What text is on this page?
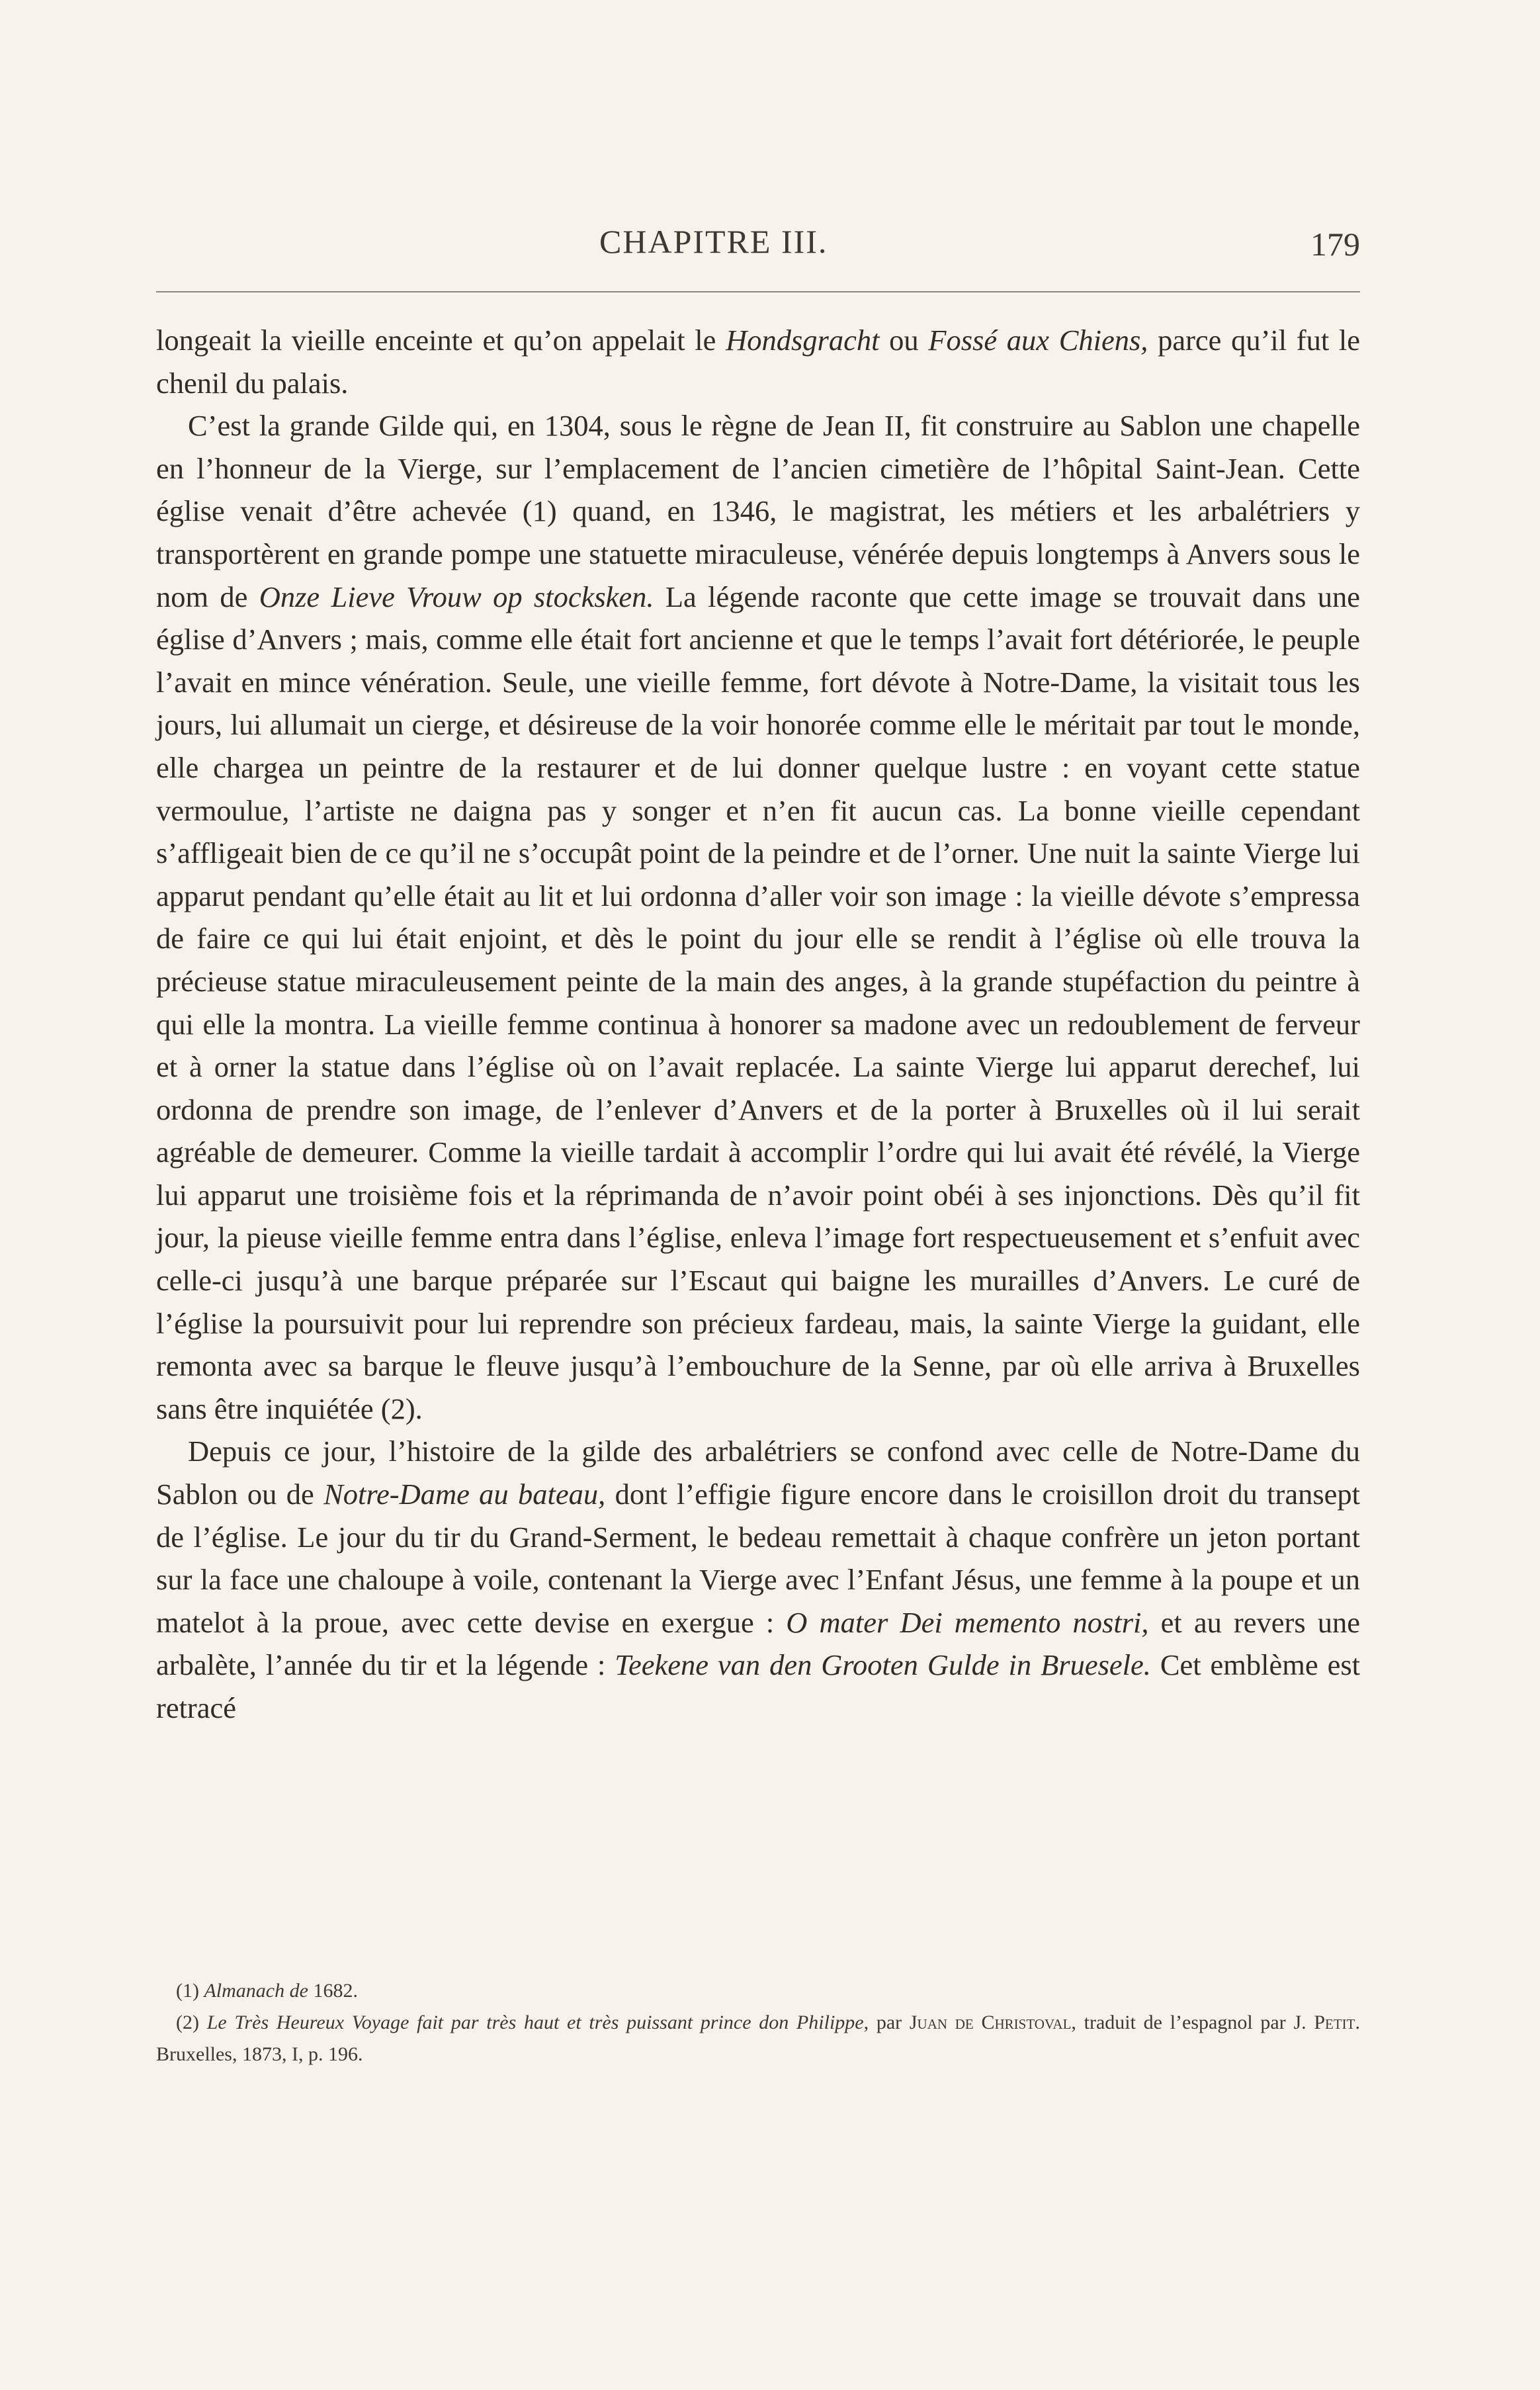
CHAPITRE III.	179

longeait la vieille enceinte et qu’on appelait le Hondsgracht ou Fossé aux Chiens, parce qu’il fut le chenil du palais.

C’est la grande Gilde qui, en 1304, sous le règne de Jean II, fit construire au Sablon une chapelle en l’honneur de la Vierge, sur l’emplacement de l’ancien cimetière de l’hôpital Saint-Jean. Cette église venait d’être achevée (1) quand, en 1346, le magistrat, les métiers et les arbalétriers y transportèrent en grande pompe une statuette miraculeuse, vénérée depuis longtemps à Anvers sous le nom de Onze Lieve Vrouw op stocksken. La légende raconte que cette image se trouvait dans une église d’Anvers ; mais, comme elle était fort ancienne et que le temps l’avait fort détériorée, le peuple l’avait en mince vénération. Seule, une vieille femme, fort dévote à Notre-Dame, la visitait tous les jours, lui allumait un cierge, et désireuse de la voir honorée comme elle le méritait par tout le monde, elle chargea un peintre de la restaurer et de lui donner quelque lustre : en voyant cette statue vermoulue, l’artiste ne daigna pas y songer et n’en fit aucun cas. La bonne vieille cependant s’affligeait bien de ce qu’il ne s’occupât point de la peindre et de l’orner. Une nuit la sainte Vierge lui apparut pendant qu’elle était au lit et lui ordonna d’aller voir son image : la vieille dévote s’empressa de faire ce qui lui était enjoint, et dès le point du jour elle se rendit à l’église où elle trouva la précieuse statue miraculeusement peinte de la main des anges, à la grande stupéfaction du peintre à qui elle la montra. La vieille femme continua à honorer sa madone avec un redoublement de ferveur et à orner la statue dans l’église où on l’avait replacée. La sainte Vierge lui apparut derechef, lui ordonna de prendre son image, de l’enlever d’Anvers et de la porter à Bruxelles où il lui serait agréable de demeurer. Comme la vieille tardait à accomplir l’ordre qui lui avait été révélé, la Vierge lui apparut une troisième fois et la réprimanda de n’avoir point obéi à ses injonctions. Dès qu’il fit jour, la pieuse vieille femme entra dans l’église, enleva l’image fort respectueusement et s’enfuit avec celle-ci jusqu’à une barque préparée sur l’Escaut qui baigne les murailles d’Anvers. Le curé de l’église la poursuivit pour lui reprendre son précieux fardeau, mais, la sainte Vierge la guidant, elle remonta avec sa barque le fleuve jusqu’à l’embouchure de la Senne, par où elle arriva à Bruxelles sans être inquiétée (2).

Depuis ce jour, l’histoire de la gilde des arbalétriers se confond avec celle de Notre-Dame du Sablon ou de Notre-Dame au bateau, dont l’effigie figure encore dans le croisillon droit du transept de l’église. Le jour du tir du Grand-Serment, le bedeau remettait à chaque confrère un jeton portant sur la face une chaloupe à voile, contenant la Vierge avec l’Enfant Jésus, une femme à la poupe et un matelot à la proue, avec cette devise en exergue : O mater Dei memento nostri, et au revers une arbalète, l’année du tir et la légende : Teekene van den Grooten Gulde in Bruesele. Cet emblème est retracé

(1) Almanach de 1682.

(2) Le Très Heureux Voyage fait par très haut et très puissant prince don Philippe, par Juan de Christoval, traduit de l’espagnol par J. Petit. Bruxelles, 1873, I, p. 196.
